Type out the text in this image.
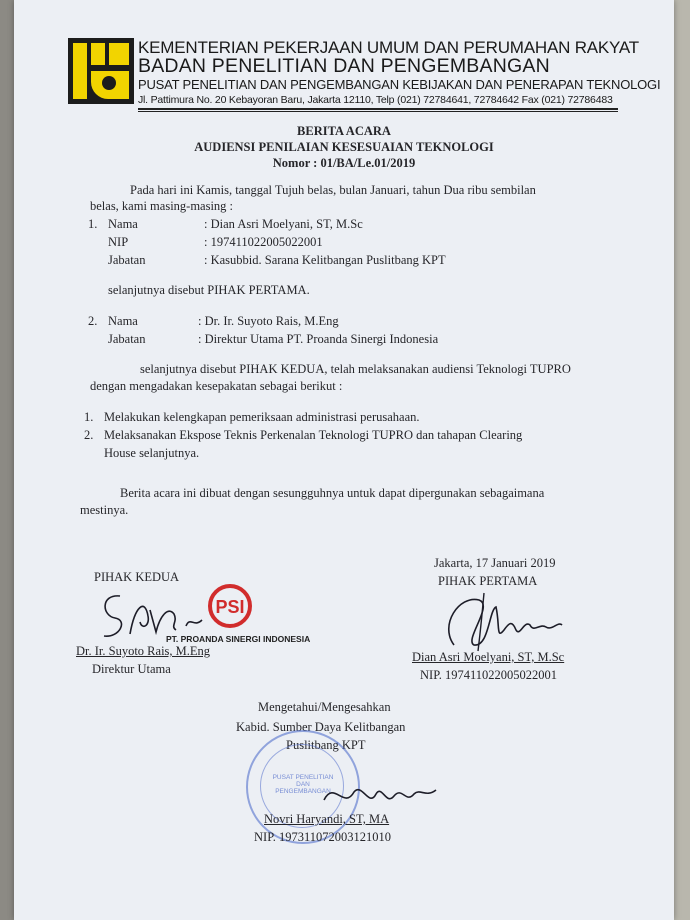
KEMENTERIAN PEKERJAAN UMUM DAN PERUMAHAN RAKYAT
BADAN PENELITIAN DAN PENGEMBANGAN
PUSAT PENELITIAN DAN PENGEMBANGAN KEBIJAKAN DAN PENERAPAN TEKNOLOGI
Jl. Pattimura No. 20 Kebayoran Baru, Jakarta 12110, Telp (021) 72784641, 72784642 Fax (021) 72786483
BERITA ACARA
AUDIENSI PENILAIAN KESESUAIAN TEKNOLOGI
Nomor : 01/BA/Le.01/2019
Pada hari ini Kamis, tanggal Tujuh belas, bulan Januari, tahun Dua ribu sembilan
belas, kami masing-masing :
1. Nama	: Dian Asri Moelyani, ST, M.Sc
NIP	: 197411022005022001
Jabatan	: Kasubbid. Sarana Kelitbangan Puslitbang KPT
selanjutnya disebut PIHAK PERTAMA.
2. Nama	: Dr. Ir. Suyoto Rais, M.Eng
Jabatan	: Direktur Utama PT. Proanda Sinergi Indonesia
selanjutnya disebut PIHAK KEDUA, telah melaksanakan audiensi Teknologi TUPRO
dengan mengadakan kesepakatan sebagai berikut :
1. Melakukan kelengkapan pemeriksaan administrasi perusahaan.
2. Melaksanakan Ekspose Teknis Perkenalan Teknologi TUPRO dan tahapan Clearing
House selanjutnya.
Berita acara ini dibuat dengan sesungguhnya untuk dapat dipergunakan sebagaimana
mestinya.
Jakarta, 17 Januari 2019
PIHAK PERTAMA
Dian Asri Moelyani, ST, M.Sc
NIP. 197411022005022001
PIHAK KEDUA
PSI
PT. PROANDA SINERGI INDONESIA
Dr. Ir. Suyoto Rais, M.Eng
Direktur Utama
Mengetahui/Mengesahkan
Kabid. Sumber Daya Kelitbangan
Puslitbang KPT
PUSAT PENELITIAN DAN PENGEMBANGAN
Novri Haryandi, ST, MA
NIP. 197311072003121010
